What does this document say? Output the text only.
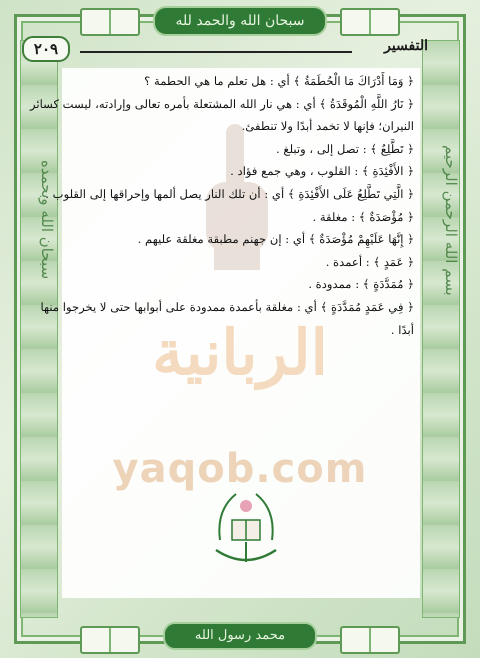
سبحان الله وبحمده	بسم الله الرحمن الرحيم
سبحان الله والحمد لله
الربانية
yaqob.com
٢٠٩	التفسير

﴿ وَمَا أَدْرَاكَ مَا الْحُطَمَةُ ﴾ أي : هل تعلم ما هي الحطمة ؟

﴿ نَارُ اللَّهِ الْمُوقَدَةُ ﴾ أي : هي نار الله المشتعلة بأمره تعالى وإرادته، ليست كسائر

النيران؛ فإنها لا تخمد أبدًا ولا تنطفئ.

﴿ تَطَّلِعُ ﴾ : تصل إلى ، وتبلغ .

﴿ الأَفْئِدَةِ ﴾ : القلوب ، وهي جمع فؤاد .

﴿ الَّتِي تَطَّلِعُ عَلَى الأَفْئِدَةِ ﴾ أي : أن تلك النار يصل ألمها وإحراقها إلى القلوب .

﴿ مُؤْصَدَةٌ ﴾ : مغلقة .

﴿ إِنَّهَا عَلَيْهِمْ مُؤْصَدَةٌ ﴾ أي : إن جهنم مطبقة مغلقة عليهم .

﴿ عَمَدٍ ﴾ : أعمدة .

﴿ مُمَدَّدَةٍ ﴾ : ممدودة .

﴿ فِي عَمَدٍ مُمَدَّدَةٍ ﴾ أي : مغلقة بأعمدة ممدودة على أبوابها حتى لا يخرجوا منها

أبدًا .

محمد رسول الله
